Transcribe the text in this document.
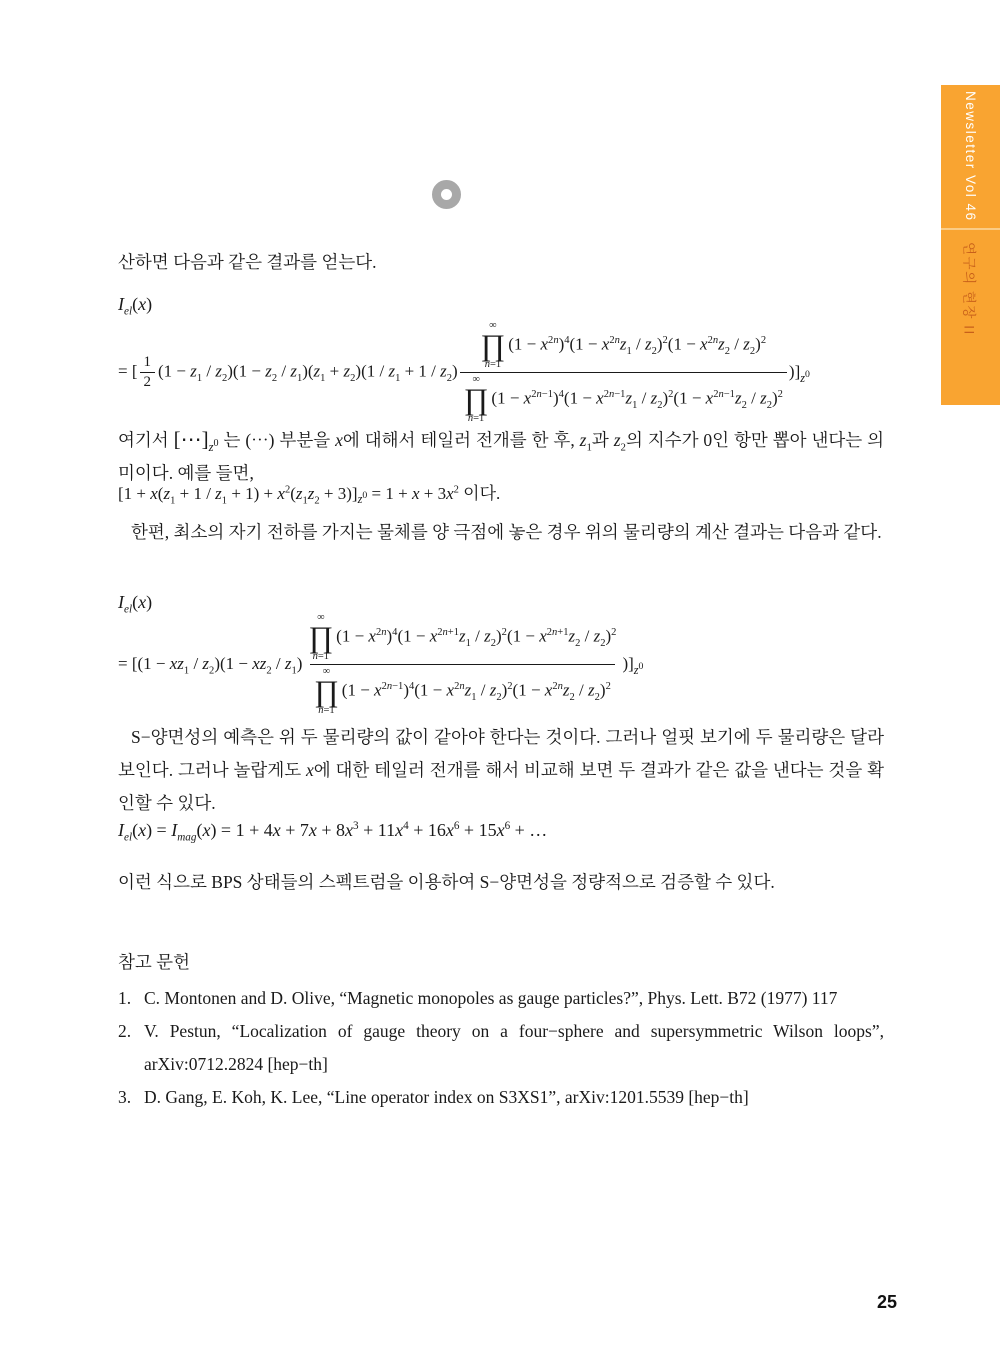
Newsletter Vol 46
연구의 현장 II
산하면 다음과 같은 결과를 얻는다.
$I_{el}(x)$
= [ $\frac{1}{2} (1 - z_1 / z_2)(1 - z_2 / z_1)(z_1 + z_2)(1 / z_1 + 1 / z_2)$ ∞
∏
n=1
$(1 - x^{2n})^4(1 - x^{2n}z_1 / z_2)^2(1 - x^{2n}z_2 / z_2)^2$
∞
∏
n=1
$(1 - x^{2n-1})^4(1 - x^{2n-1}z_1 / z_2)^2(1 - x^{2n-1}z_2 / z_2)^2$ )]$_{z^0}$
여기서 $[\cdots]_{z^0}$ 는 (⋯) 부분을 x에 대해서 테일러 전개를 한 후, $z_1$과 $z_2$의 지수가 0인 항만 뽑아 낸다는 의미이다. 예를 들면,
$[1 + x(z_1 + 1 / z_1 + 1) + x^2(z_1z_2 + 3)]_{z^0} = 1 + x + 3x^2$ 이다.
한편, 최소의 자기 전하를 가지는 물체를 양 극점에 놓은 경우 위의 물리량의 계산 결과는 다음과 같다.
$I_{el}(x)$
= [$(1 - xz_1 / z_2)(1 - xz_2 / z_1)$ ∞
∏
n=1
$(1 - x^{2n})^4(1 - x^{2n+1}z_1 / z_2)^2(1 - x^{2n+1}z_2 / z_2)^2$
∞
∏
n=1
$(1 - x^{2n-1})^4(1 - x^{2n}z_1 / z_2)^2(1 - x^{2n}z_2 / z_2)^2$ )]$_{z^0}$
S−양면성의 예측은 위 두 물리량의 값이 같아야 한다는 것이다. 그러나 얼핏 보기에 두 물리량은 달라 보인다. 그러나 놀랍게도 x에 대한 테일러 전개를 해서 비교해 보면 두 결과가 같은 값을 낸다는 것을 확인할 수 있다.
$I_{el}(x) = I_{mag}(x) = 1 + 4x + 7x + 8x^3 + 11x^4 + 16x^6 + 15x^6$ + …
이런 식으로 BPS 상태들의 스펙트럼을 이용하여 S−양면성을 정량적으로 검증할 수 있다.
참고 문헌
1. C. Montonen and D. Olive, “Magnetic monopoles as gauge particles?”, Phys. Lett. B72 (1977) 117
2. V. Pestun, “Localization of gauge theory on a four−sphere and supersymmetric Wilson loops”, arXiv:0712.2824 [hep−th]
3. D. Gang, E. Koh, K. Lee, “Line operator index on S3XS1”, arXiv:1201.5539 [hep−th]
25
